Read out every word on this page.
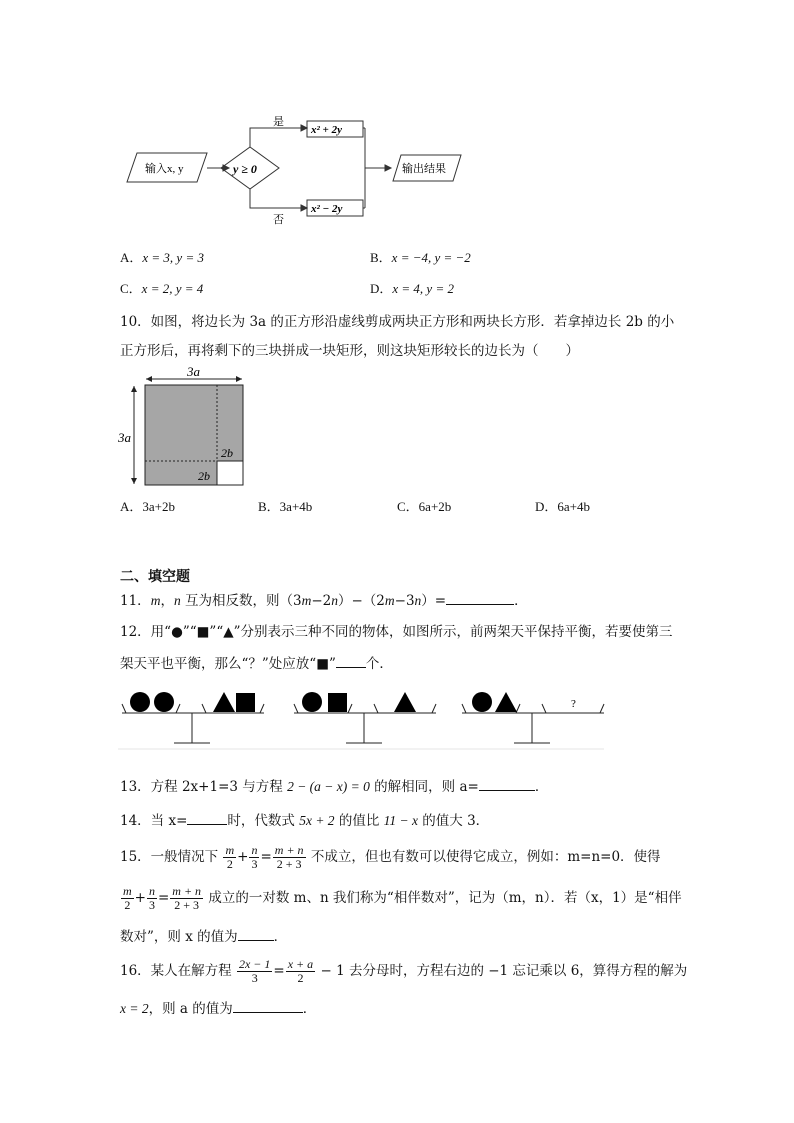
输入x, y	y ≥ 0
是
否
x² + 2y
x² − 2y
输出结果
A．x = 3, y = 3	B．x = −4, y = −2
C．x = 2, y = 4	D．x = 4, y = 2
10．如图，将边长为 3a 的正方形沿虚线剪成两块正方形和两块长方形．若拿掉边长 2b 的小
正方形后，再将剩下的三块拼成一块矩形，则这块矩形较长的边长为（　　）
3a
3a
2b
2b
A．3a+2b	B．3a+4b	C．6a+2b	D．6a+4b
二、填空题
11．m，n 互为相反数，则（3m−2n）−（2m−3n）=	．
12．用“●”“■”“▲”分别表示三种不同的物体，如图所示，前两架天平保持平衡，若要使第三
架天平也平衡，那么“？”处应放“■” 个．
?
13．方程 2x+1=3 与方程 2 − (a − x) = 0 的解相同，则 a=	．
14．当 x=	时，代数式 5x + 2 的值比 11 − x 的值大 3．
15．一般情况下 $\frac{m}{2} + \frac{n}{3} = \frac{m + n}{2 + 3}$ 不成立，但也有数可以使得它成立，例如：m=n=0．使得
$\frac{m}{2} + \frac{n}{3} = \frac{m + n}{2 + 3}$ 成立的一对数 m、n 我们称为“相伴数对”，记为（m，n）．若（x，1）是“相伴
数对”，则 x 的值为	．
16．某人在解方程 $\frac{2x - 1}{3} = \frac{x + a}{2} - 1$ 去分母时，方程右边的 −1 忘记乘以 6，算得方程的解为
x = 2，则 a 的值为	．
